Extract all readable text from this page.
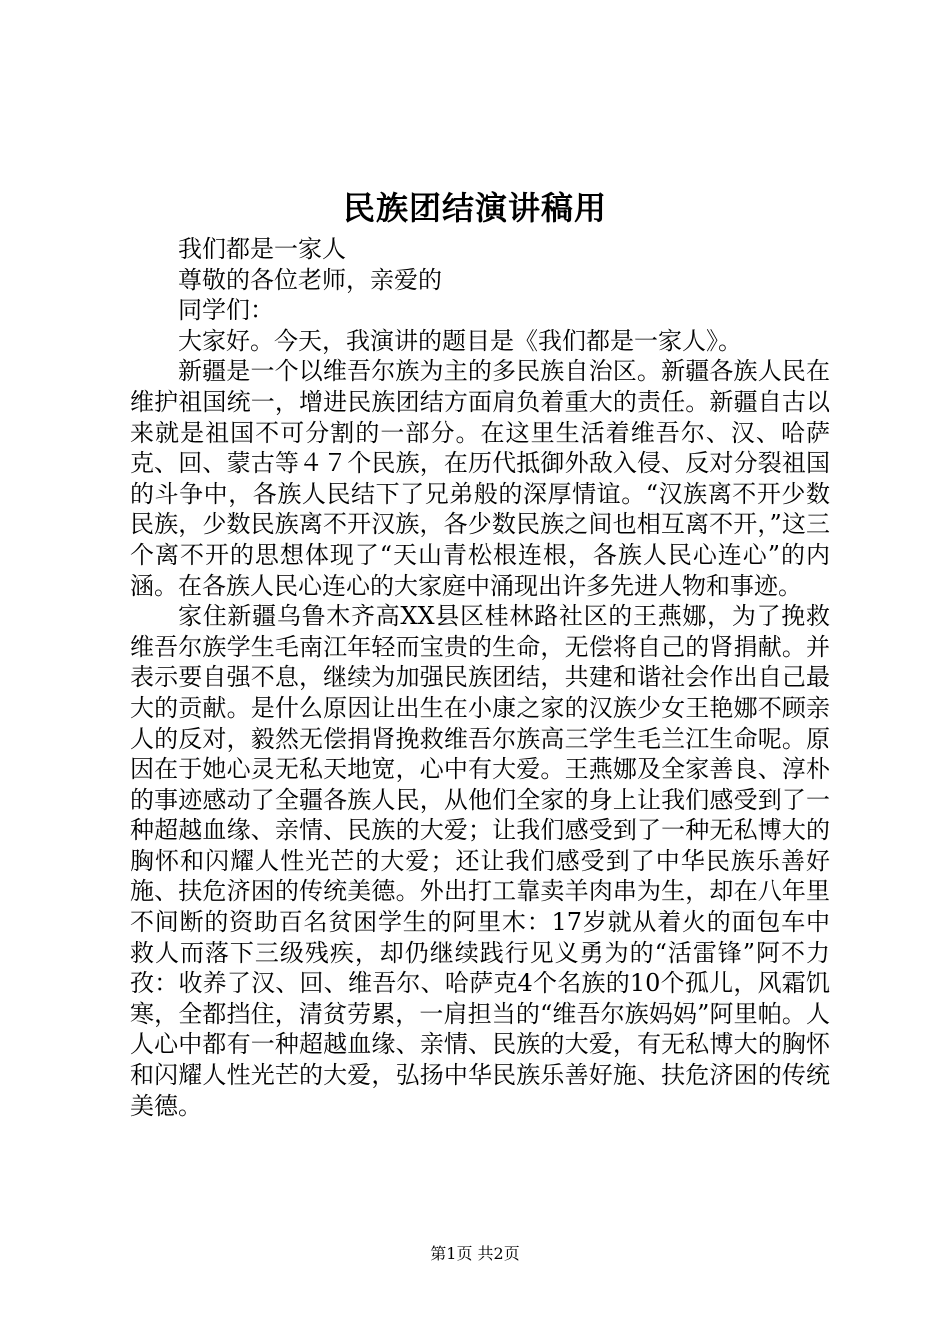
民族团结演讲稿用

我们都是一家人

尊敬的各位老师，亲爱的

同学们：

大家好。今天，我演讲的题目是《我们都是一家人》。

新疆是一个以维吾尔族为主的多民族自治区。新疆各族人民在维护祖国统一，增进民族团结方面肩负着重大的责任。新疆自古以来就是祖国不可分割的一部分。在这里生活着维吾尔、汉、哈萨克、回、蒙古等４７个民族，在历代抵御外敌入侵、反对分裂祖国的斗争中，各族人民结下了兄弟般的深厚情谊。“汉族离不开少数民族，少数民族离不开汉族，各少数民族之间也相互离不开，”这三个离不开的思想体现了“天山青松根连根，各族人民心连心”的内涵。在各族人民心连心的大家庭中涌现出许多先进人物和事迹。

家住新疆乌鲁木齐高XX县区桂林路社区的王燕娜，为了挽救维吾尔族学生毛南江年轻而宝贵的生命，无偿将自己的肾捐献。并表示要自强不息，继续为加强民族团结，共建和谐社会作出自己最大的贡献。是什么原因让出生在小康之家的汉族少女王艳娜不顾亲人的反对，毅然无偿捐肾挽救维吾尔族高三学生毛兰江生命呢。原因在于她心灵无私天地宽，心中有大爱。王燕娜及全家善良、淳朴的事迹感动了全疆各族人民，从他们全家的身上让我们感受到了一种超越血缘、亲情、民族的大爱；让我们感受到了一种无私博大的胸怀和闪耀人性光芒的大爱；还让我们感受到了中华民族乐善好施、扶危济困的传统美德。外出打工靠卖羊肉串为生，却在八年里不间断的资助百名贫困学生的阿里木：17岁就从着火的面包车中救人而落下三级残疾，却仍继续践行见义勇为的“活雷锋”阿不力孜：收养了汉、回、维吾尔、哈萨克4个名族的10个孤儿，风霜饥寒，全都挡住，清贫劳累，一肩担当的“维吾尔族妈妈”阿里帕。人人心中都有一种超越血缘、亲情、民族的大爱，有无私博大的胸怀和闪耀人性光芒的大爱，弘扬中华民族乐善好施、扶危济困的传统美德。

第1页 共2页
